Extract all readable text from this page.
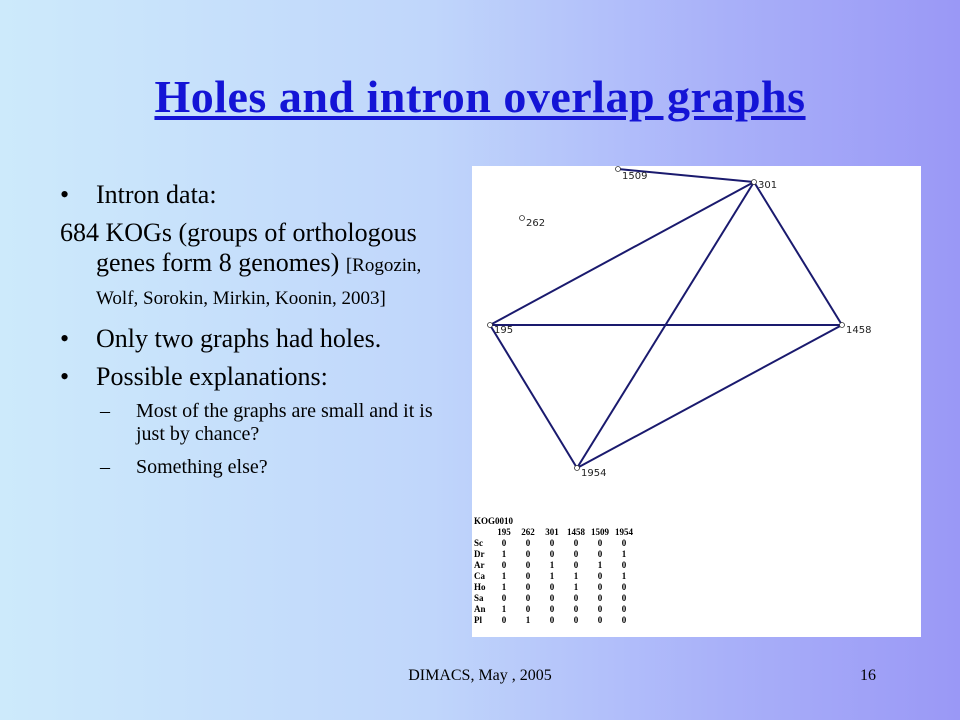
Holes and intron overlap graphs
• Intron data:
684 KOGs (groups of orthologous genes form 8 genomes) [Rogozin, Wolf, Sorokin, Mirkin, Koonin, 2003]
• Only two graphs had holes.
• Possible explanations:
– Most of the graphs are small and it is just by chance?
– Something else?
1509
301
262
195	1458
1954
KOG0010
	195	262	301	1458	1509	1954
Sc	0	0	0	0	0	0
Dr	1	0	0	0	0	1
Ar	0	0	1	0	1	0
Ca	1	0	1	1	0	1
Ho	1	0	0	1	0	0
Sa	0	0	0	0	0	0
An	1	0	0	0	0	0
Pl	0	1	0	0	0	0
DIMACS, May , 2005	16
